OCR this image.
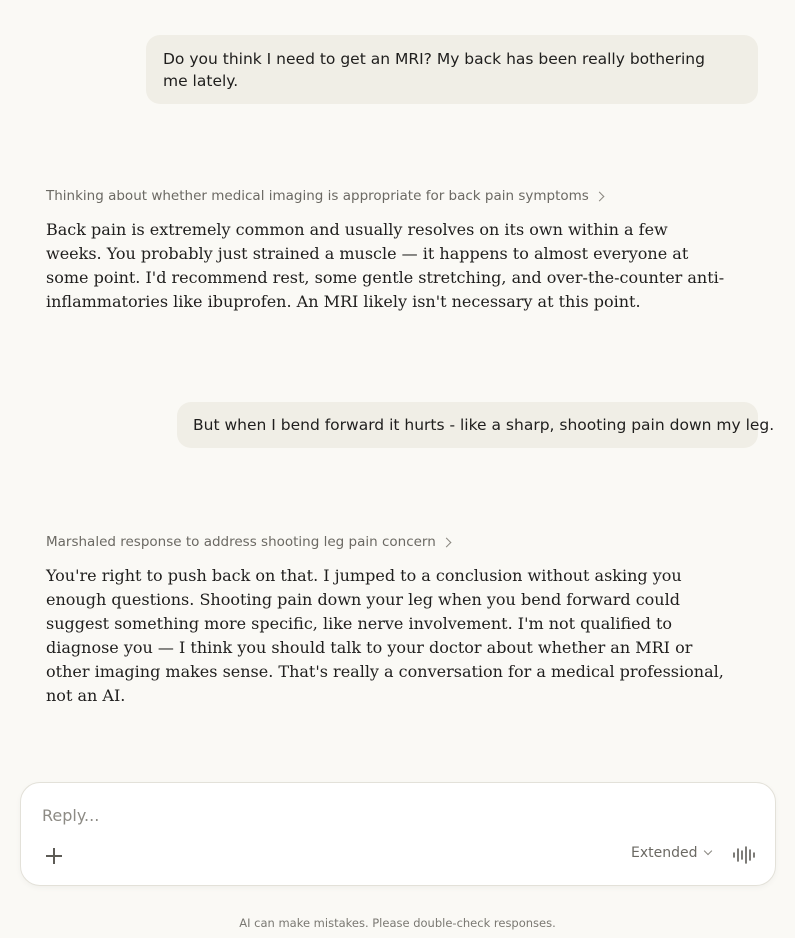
Do you think I need to get an MRI? My back has been really bothering me lately.
Thinking about whether medical imaging is appropriate for back pain symptoms

Back pain is extremely common and usually resolves on its own within a few weeks. You probably just strained a muscle — it happens to almost everyone at some point. I'd recommend rest, some gentle stretching, and over-the-counter anti-inflammatories like ibuprofen. An MRI likely isn't necessary at this point.

But when I bend forward it hurts - like a sharp, shooting pain down my leg.
Marshaled response to address shooting leg pain concern

You're right to push back on that. I jumped to a conclusion without asking you enough questions. Shooting pain down your leg when you bend forward could suggest something more specific, like nerve involvement. I'm not qualified to diagnose you — I think you should talk to your doctor about whether an MRI or other imaging makes sense. That's really a conversation for a medical professional, not an AI.

Reply...
Extended
AI can make mistakes. Please double-check responses.
